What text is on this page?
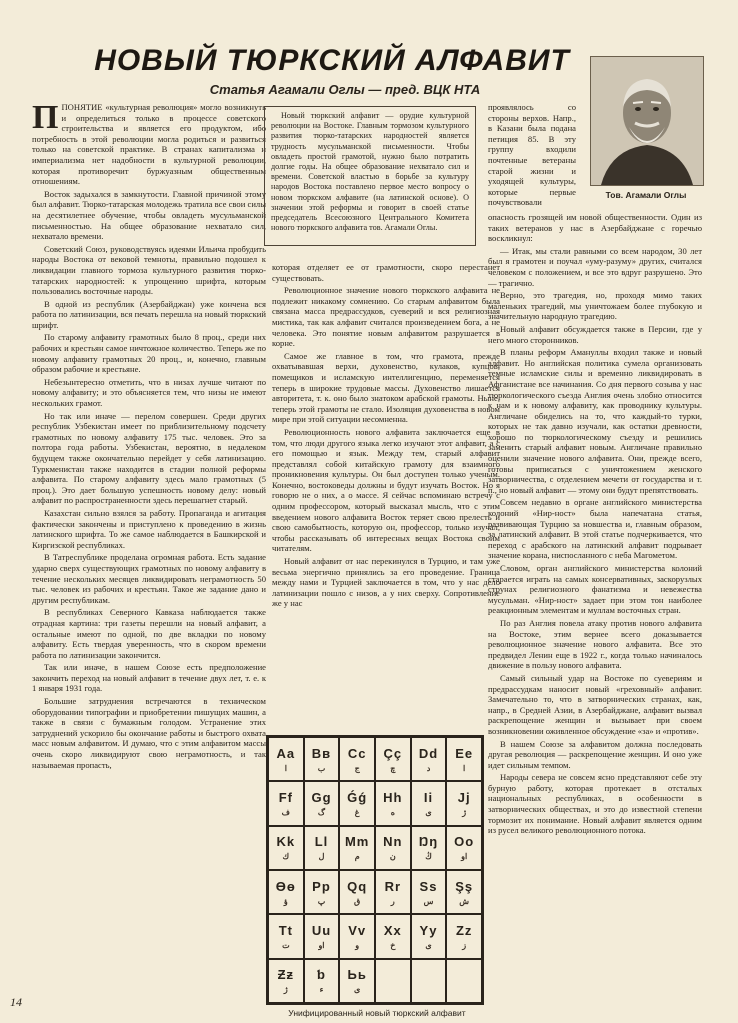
НОВЫЙ ТЮРКСКИЙ АЛФАВИТ
Статья Агамали Оглы — пред. ВЦК НТА
Тов. Агамали Оглы

ППОНЯТИЕ «культурная революция» могло возникнуть и определиться только в процессе советского строительства и является его продуктом, ибо потребность в этой революции могла родиться и развиться только на советской практике. В странах капитализма и империализма нет надобности в культурной революции, которая противоречит буржуазным общественным отношениям.

Восток задыхался в замкнутости. Главной причиной этому был алфавит. Тюрко-татарская молодежь тратила все свои силы на десятилетнее обучение, чтобы овладеть мусульманской письменностью. На общее образование нехватало сил, нехватало времени.

Советский Союз, руководствуясь идеями Ильича пробудить народы Востока от вековой темноты, правильно подошел к ликвидации главного тормоза культурного развития тюрко-татарских народностей: к упрощению шрифта, которым пользовались восточные народы.

В одной из республик (Азербайджан) уже кончена вся работа по латинизации, вся печать перешла на новый тюркский шрифт.

По старому алфавиту грамотных было 8 проц., среди них рабочих и крестьян самое ничтожное количество. Теперь же по новому алфавиту грамотных 20 проц., и, конечно, главным образом рабочие и крестьяне.

Небезынтересно отметить, что в низах лучше читают по новому алфавиту; и это объясняется тем, что низы не имеют нескольких грамот.

Но так или иначе — перелом совершен. Среди других республик Узбекистан имеет по приблизительному подсчету грамотных по новому алфавиту 175 тыс. человек. Это за полтора года работы. Узбекистан, вероятно, в недалеком будущем также окончательно перейдет у себя латинизацию. Туркменистан также находится в стадии полной реформы алфавита. По старому алфавиту здесь мало грамотных (5 проц.). Это дает большую успешность новому делу: новый алфавит по распространенности здесь перешагнет старый.

Казахстан сильно взялся за работу. Пропаганда и агитация фактически закончены и приступлено к проведению в жизнь латинского шрифта. То же самое наблюдается в Башкирской и Киргизской республиках.

В Татреспублике проделана огромная работа. Есть задание ударно сверх существующих грамотных по новому алфавиту в течение нескольких месяцев ликвидировать неграмотность 50 тыс. человек из рабочих и крестьян. Такое же задание дано и другим республикам.

В республиках Северного Кавказа наблюдается также отрадная картина: три газеты перешли на новый алфавит, а остальные имеют по одной, по две вкладки по новому алфавиту. Есть твердая уверенность, что в скором времени работа по латинизации закончится.

Так или иначе, в нашем Союзе есть предположение закончить переход на новый алфавит в течение двух лет, т. е. к 1 января 1931 года.

Большие затруднения встречаются в техническом оборудовании типографии и приобретении пишущих машин, а также в связи с бумажным голодом. Устранение этих затруднений ускорило бы окончание работы и быстрого охвата масс новым алфавитом. И думаю, что с этим алфавитом массы очень скоро ликвидируют свою неграмотность, и так называемая пропасть,

Новый тюркский алфавит — орудие культурной революции на Востоке. Главным тормозом культурного развития тюрко-татарских народностей является трудность мусульманской письменности. Чтобы овладеть простой грамотой, нужно было потратить долгие годы. На общее образование нехватало сил и времени. Советской властью в борьбе за культуру народов Востока поставлено первое место вопросу о новом тюркском алфавите (на латинской основе). О значении этой реформы и говорит в своей статье председатель Всесоюзного Центрального Комитета нового тюркского алфавита тов. Агамали Оглы.

которая отделяет ее от грамотности, скоро перестанет существовать.

Революционное значение нового тюркского алфавита не подлежит никакому сомнению. Со старым алфавитом была связана масса предрассудков, суеверий и вся религиозная мистика, так как алфавит считался произведением бога, а не человека. Это понятие новым алфавитом разрушается в корне.

Самое же главное в том, что грамота, прежде охватывавшая верхи, духовенство, кулаков, купцов, помещиков и исламскую интеллигенцию, переменяется теперь в широкие трудовые массы. Духовенство лишается авторитета, т. к. оно было знатоком арабской грамоты. Ныне, теперь этой грамоты не стало. Изоляция духовенства в новом мире при этой ситуации несомненна.

Революционность нового алфавита заключается еще в том, что люди другого языка легко изучают этот алфавит, а с его помощью и язык. Между тем, старый алфавит представлял собой китайскую грамоту для взаимного проникновения культуры. Он был доступен только ученым. Конечно, востоковеды должны и будут изучать Восток. Но я говорю не о них, а о массе. Я сейчас вспоминаю встречу с одним профессором, который высказал мысль, что с этим введением нового алфавита Восток теряет свою прелесть и свою самобытность, которую он, профессор, только изучал, чтобы рассказывать об интересных вещах Востока своим читателям.

Новый алфавит от нас перекинулся в Турцию, и там уже весьма энергично принялись за его проведение. Граница между нами и Турцией заключается в том, что у нас дело латинизации пошло с низов, а у них сверху. Сопротивление же у нас

проявлялось со стороны верхов. Напр., в Казани была подана петиция 85. В эту группу входили почтенные ветераны старой жизни и уходящей культуры, которые первые почувствовали

опасность грозящей им новой общественности. Один из таких ветеранов у нас в Азербайджане с горечью воскликнул:

— Итак, мы стали равными со всем народом, 30 лет был я грамотен и поучал «уму-разуму» других, считался человеком с положением, и все это вдруг разрушено. Это — трагично.

Верно, это трагедия, но, проходя мимо таких маленьких трагедий, мы уничтожаем более глубокую и значительную народную трагедию.

Новый алфавит обсуждается также в Персии, где у него много сторонников.

В планы реформ Амануллы входил также и новый алфавит. Но английская политика сумела организовать темные исламские силы и временно ликвидировать в Афганистане все начинания. Со дня первого созыва у нас тюркологического съезда Англия очень злобно относится к нам и к новому алфавиту, как проводнику культуры. Англичане обиделись на то, что каждый-то турки, которых не так давно изучали, как остатки древности, хорошо по тюркологическому съезду и решились заменить старый алфавит новым. Англичане правильно оценили значение нового алфавита. Они, прежде всего, готовы приписаться с уничтожением женского затворничества, с отделением мечети от государства и т. п., но новый алфавит — этому они будут препятствовать.

Совсем недавно в органе английского министерства колоний «Нир-ност» была напечатана статья, развивающая Турцию за новшества и, главным образом, за латинский алфавит. В этой статье подчеркивается, что переход с арабского на латинский алфавит подрывает значение корана, ниспосланного с неба Магометом.

Словом, орган английского министерства колоний старается играть на самых консервативных, заскорузлых струнах религиозного фанатизма и невежества мусульман. «Нир-ност» задает при этом тон наиболее реакционным элементам и муллам восточных стран.

По раз Англия повела атаку против нового алфавита на Востоке, этим вернее всего доказывается революционное значение нового алфавита. Все это предвидел Ленин еще в 1922 г., когда только начиналось движение в пользу нового алфавита.

Самый сильный удар на Востоке по суевериям и предрассудкам наносит новый «греховный» алфавит. Замечательно то, что в затворнических странах, как, напр., в Средней Азии, в Азербайджане, алфавит вызвал раскрепощение женщин и вызывает при своем возникновении оживленное обсуждение «за» и «против».

В нашем Союзе за алфавитом должна последовать другая революция — раскрепощение женщин. И оно уже идет сильным темпом.

Народы севера не совсем ясно представляют себе эту бурную работу, которая протекает в отсталых национальных республиках, в особенности в затворнических обществах, и это до известной степени тормозит их понимание. Новый алфавит является одним из русел великого революционного потока.

Aa
ا
Bв
ب
Cc
ج
Çç
چ
Dd
د
Ee
ا
Ff
ف
Gg
گ
Ǵǵ
غ
Hh
ه
Ii
ى
Jj
ژ
Kk
ك
Ll
ل
Mm
م
Nn
ن
Ŋŋ
ڭ
Oo
او
Ɵɵ
ؤ
Pp
پ
Qq
ق
Rr
ر
Ss
س
Şş
ش
Tt
ت
Uu
او
Vv
و
Xx
خ
Yy
ى
Zz
ز
Ƶƶ
ژ
ƅ
ء
Ьь
ى
Унифицированный новый тюркский алфавит
14
